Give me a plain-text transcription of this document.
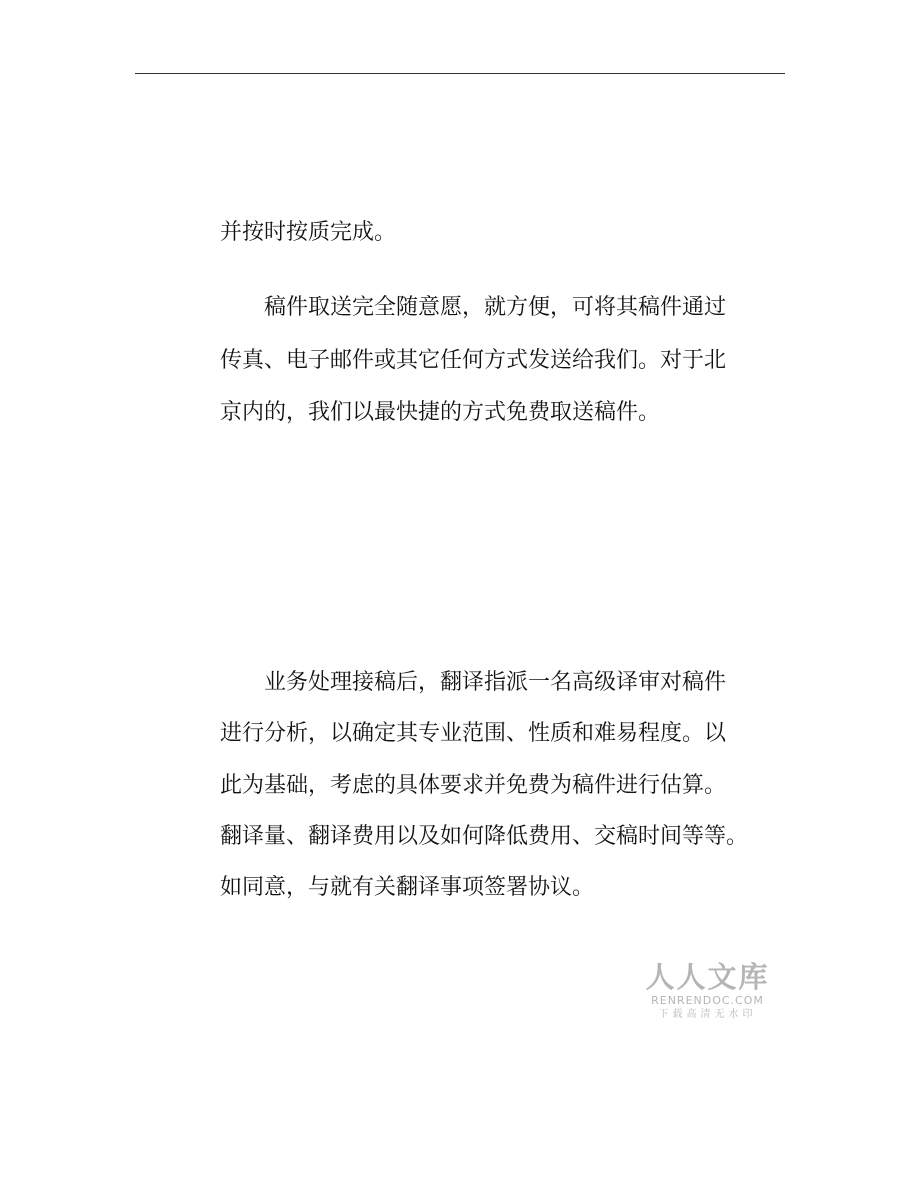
并按时按质完成。
　　稿件取送完全随意愿，就方便，可将其稿件通过
传真、电子邮件或其它任何方式发送给我们。对于北
京内的，我们以最快捷的方式免费取送稿件。
　　业务处理接稿后，翻译指派一名高级译审对稿件
进行分析，以确定其专业范围、性质和难易程度。以
此为基础，考虑的具体要求并免费为稿件进行估算。
翻译量、翻译费用以及如何降低费用、交稿时间等等。
如同意，与就有关翻译事项签署协议。
人人文库
RENRENDOC.COM
下载高清无水印
